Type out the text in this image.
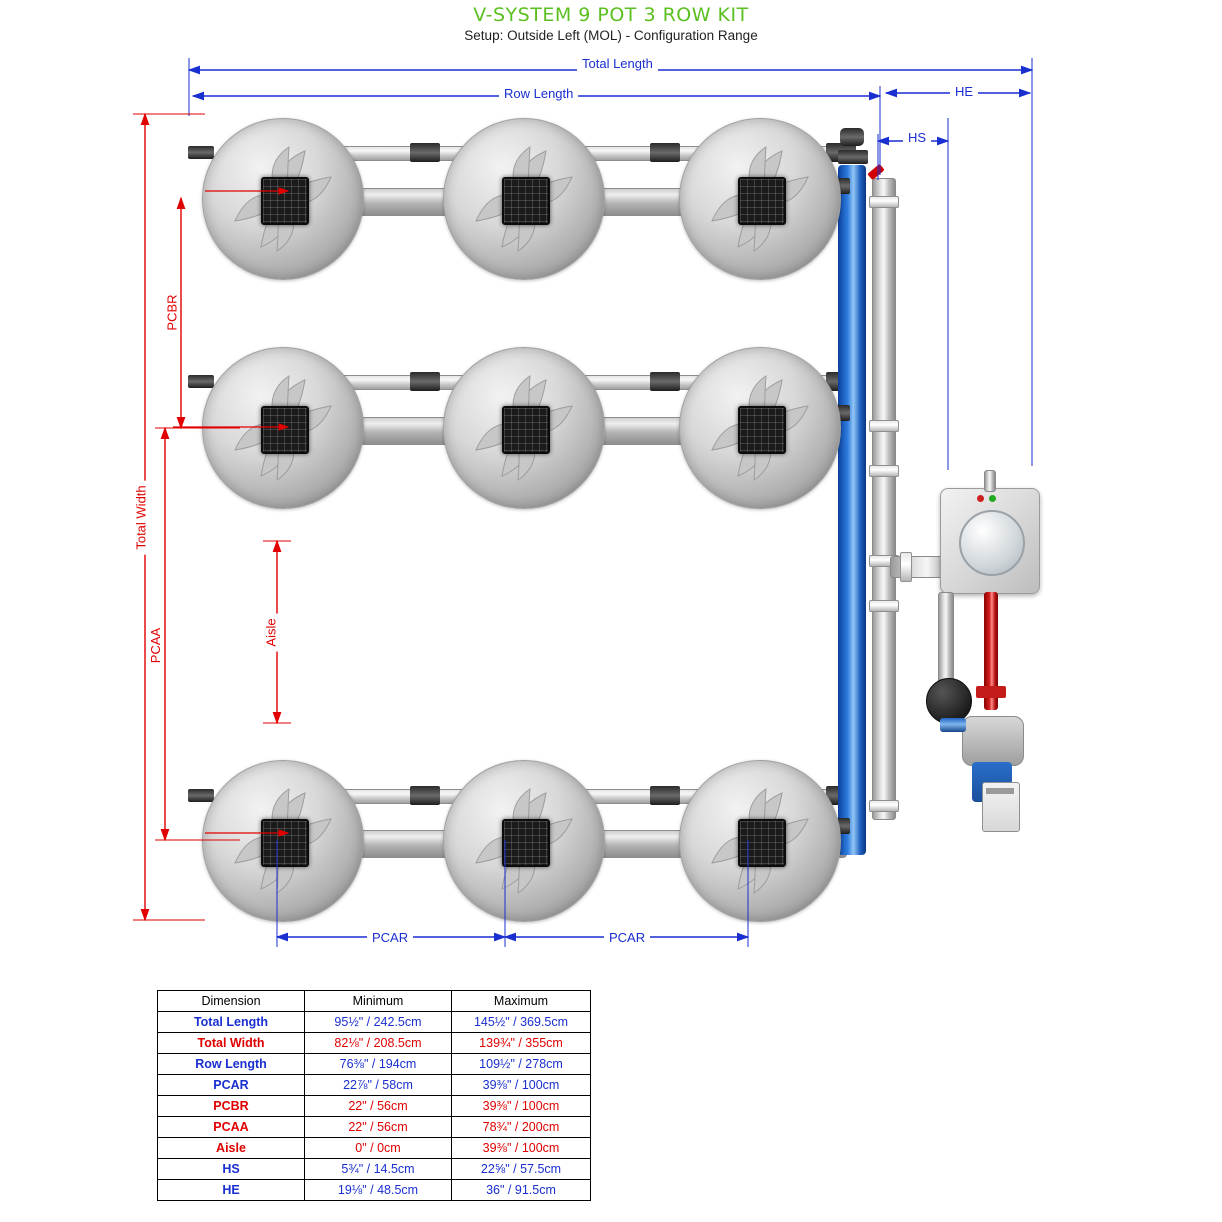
V-SYSTEM 9 POT 3 ROW KIT
Setup: Outside Left (MOL) - Configuration Range
Total Length
Row Length	HE
HS
Total Width
PCBR
PCAA	Aisle
PCAR	PCAR
Dimension	Minimum	Maximum
Total Length	95½" / 242.5cm	145½" / 369.5cm
Total Width	82⅛" / 208.5cm	139¾" / 355cm
Row Length	76⅜" / 194cm	109½" / 278cm
PCAR	22⅞" / 58cm	39⅜" / 100cm
PCBR	22" / 56cm	39⅜" / 100cm
PCAA	22" / 56cm	78¾" / 200cm
Aisle	0" / 0cm	39⅜" / 100cm
HS	5¾" / 14.5cm	22⅝" / 57.5cm
HE	19⅛" / 48.5cm	36" / 91.5cm
